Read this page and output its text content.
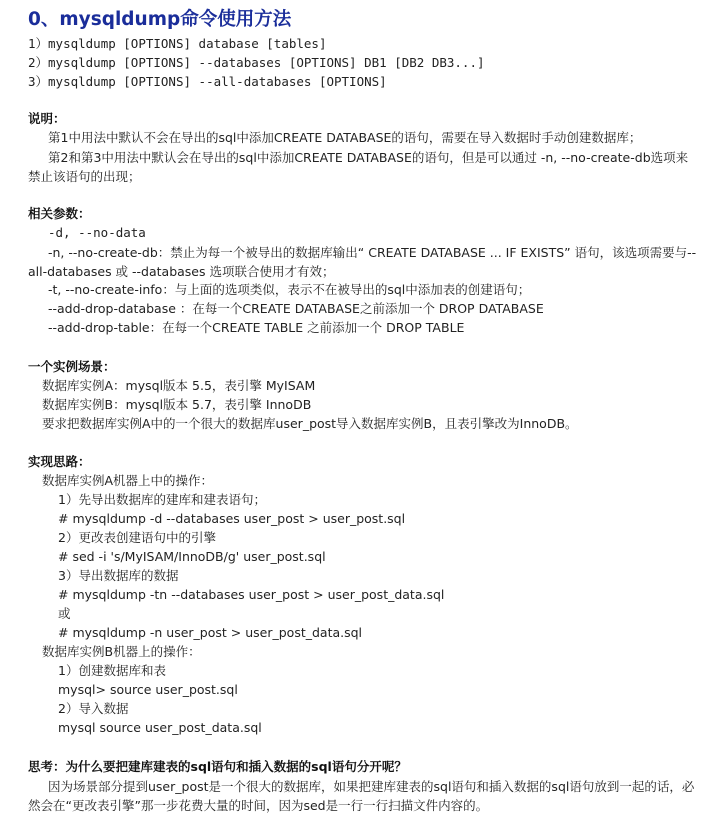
0、mysqldump命令使用方法
1）mysqldump [OPTIONS] database [tables]
2）mysqldump [OPTIONS] --databases [OPTIONS] DB1 [DB2 DB3...]
3）mysqldump [OPTIONS] --all-databases [OPTIONS]
说明：
第1中用法中默认不会在导出的sql中添加CREATE DATABASE的语句，需要在导入数据时手动创建数据库；
第2和第3中用法中默认会在导出的sql中添加CREATE DATABASE的语句，但是可以通过 -n, --no-create-db选项来禁止该语句的出现；
相关参数：
-d, --no-data
-n, --no-create-db：禁止为每一个被导出的数据库输出“ CREATE DATABASE ... IF EXISTS” 语句，该选项需要与--all-databases 或 --databases 选项联合使用才有效；
-t, --no-create-info：与上面的选项类似，表示不在被导出的sql中添加表的创建语句；
--add-drop-database ：在每一个CREATE DATABASE之前添加一个 DROP DATABASE
--add-drop-table：在每一个CREATE TABLE 之前添加一个 DROP TABLE
一个实例场景：
数据库实例A：mysql版本 5.5，表引擎 MyISAM
数据库实例B：mysql版本 5.7，表引擎 InnoDB
要求把数据库实例A中的一个很大的数据库user_post导入数据库实例B，且表引擎改为InnoDB。
实现思路：
数据库实例A机器上中的操作：
1）先导出数据库的建库和建表语句；
# mysqldump -d --databases user_post > user_post.sql
2）更改表创建语句中的引擎
# sed -i 's/MyISAM/InnoDB/g' user_post.sql
3）导出数据库的数据
# mysqldump -tn --databases user_post > user_post_data.sql
或
# mysqldump -n user_post > user_post_data.sql
数据库实例B机器上的操作：
1）创建数据库和表
mysql> source user_post.sql
2）导入数据
mysql source user_post_data.sql
思考：为什么要把建库建表的sql语句和插入数据的sql语句分开呢？
因为场景部分提到user_post是一个很大的数据库，如果把建库建表的sql语句和插入数据的sql语句放到一起的话，必然会在“更改表引擎”那一步花费大量的时间，因为sed是一行一行扫描文件内容的。
